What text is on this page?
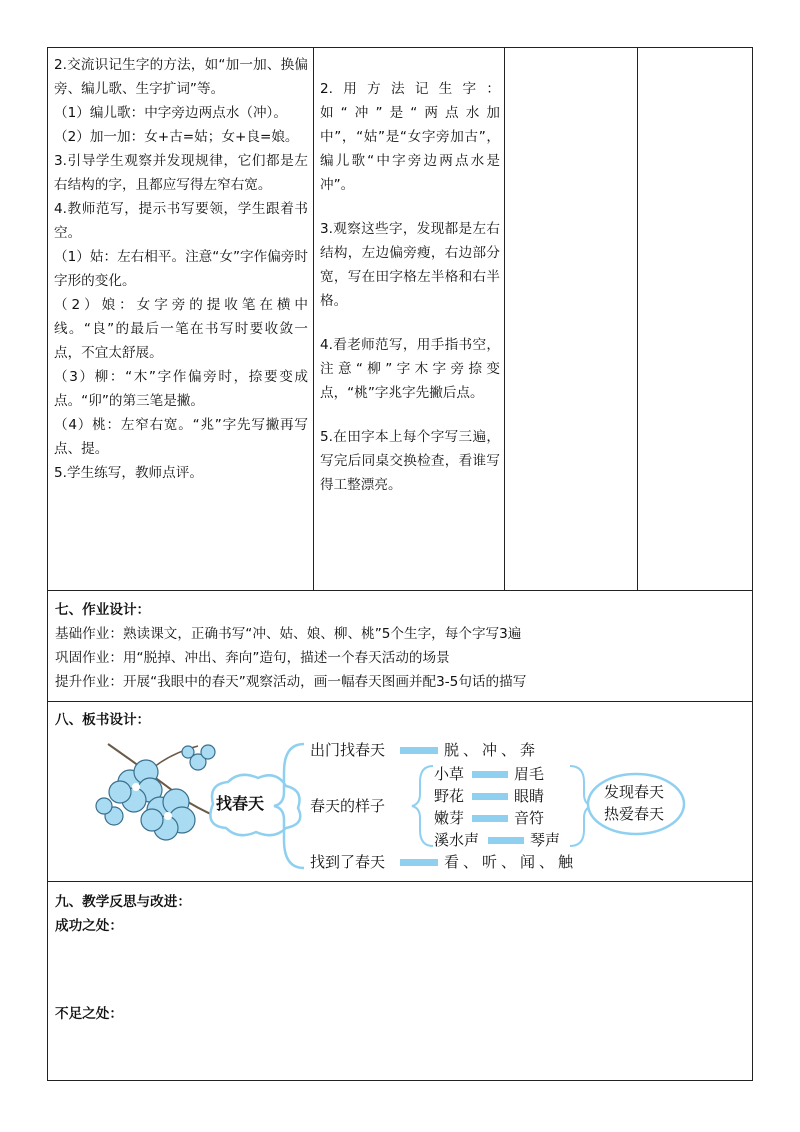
2.交流识记生字的方法，如“加一加、换偏旁、编儿歌、生字扩词”等。

（1）编儿歌：中字旁边两点水（冲）。

（2）加一加：女+古=姑；女+良=娘。

3.引导学生观察并发现规律，它们都是左右结构的字，且都应写得左窄右宽。

4.教师范写，提示书写要领，学生跟着书空。

（1）姑：左右相平。注意“女”字作偏旁时字形的变化。

（2）娘：女字旁的提收笔在横中线。“良”的最后一笔在书写时要收敛一点，不宜太舒展。

（3）柳：“木”字作偏旁时，捺要变成点。“卯”的第三笔是撇。

（4）桃：左窄右宽。“兆”字先写撇再写点、提。

5.学生练写，教师点评。

2.用方法记生字：如“冲”是“两点水加中”，“姑”是“女字旁加古”，编儿歌“中字旁边两点水是冲”。

3.观察这些字，发现都是左右结构，左边偏旁瘦，右边部分宽，写在田字格左半格和右半格。

4.看老师范写，用手指书空，注意“柳”字木字旁捺变点，“桃”字兆字先撇后点。

5.在田字本上每个字写三遍，写完后同桌交换检查，看谁写得工整漂亮。

七、作业设计：

基础作业：熟读课文，正确书写“冲、姑、娘、柳、桃”5个生字，每个字写3遍

巩固作业：用“脱掉、冲出、奔向”造句，描述一个春天活动的场景

提升作业：开展“我眼中的春天”观察活动，画一幅春天图画并配3-5句话的描写

八、板书设计：

找春天
出门找春天	脱、冲、奔
春天的样子
小草	眉毛
野花	眼睛
嫩芽	音符
溪水声	琴声
找到了春天	看、听、闻、触
发现春天
热爱春天

九、教学反思与改进：

成功之处：

不足之处：
